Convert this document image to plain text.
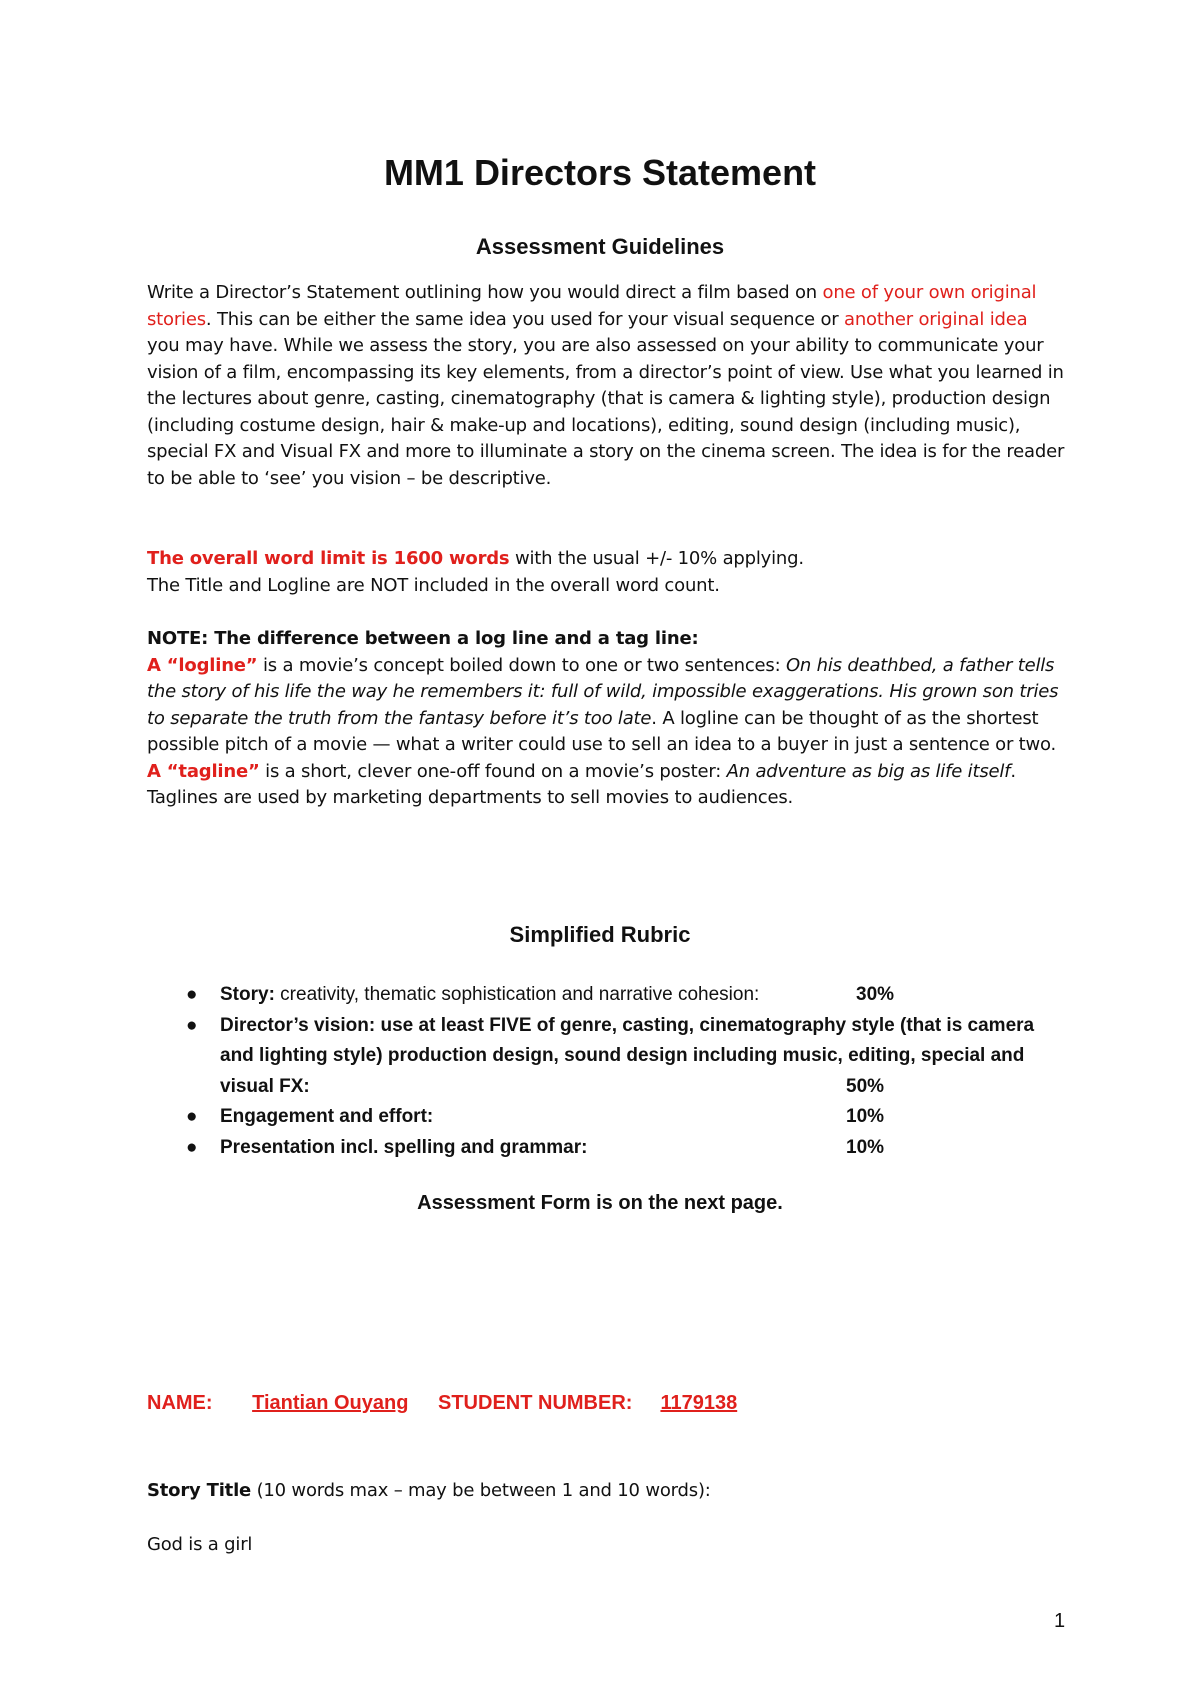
MM1 Directors Statement
Assessment Guidelines

Write a Director’s Statement outlining how you would direct a film based on one of your own original stories. This can be either the same idea you used for your visual sequence or another original idea you may have. While we assess the story, you are also assessed on your ability to communicate your vision of a film, encompassing its key elements, from a director’s point of view. Use what you learned in the lectures about genre, casting, cinematography (that is camera & lighting style), production design (including costume design, hair & make-up and locations), editing, sound design (including music), special FX and Visual FX and more to illuminate a story on the cinema screen. The idea is for the reader to be able to ‘see’ you vision – be descriptive.

The overall word limit is 1600 words with the usual +/- 10% applying.
The Title and Logline are NOT included in the overall word count.

NOTE: The difference between a log line and a tag line:
A “logline” is a movie’s concept boiled down to one or two sentences: On his deathbed, a father tells the story of his life the way he remembers it: full of wild, impossible exaggerations. His grown son tries to separate the truth from the fantasy before it’s too late. A logline can be thought of as the shortest possible pitch of a movie — what a writer could use to sell an idea to a buyer in just a sentence or two.
A “tagline” is a short, clever one-off found on a movie’s poster: An adventure as big as life itself. Taglines are used by marketing departments to sell movies to audiences.

Simplified Rubric
● Story: creativity, thematic sophistication and narrative cohesion:	30%
● Director’s vision: use at least FIVE of genre, casting, cinematography style (that is camera and lighting style) production design, sound design including music, editing, special and visual FX:	50%
● Engagement and effort:	10%
● Presentation incl. spelling and grammar:	10%
Assessment Form is on the next page.
NAME: Tiantian Ouyang STUDENT NUMBER: 1179138

Story Title (10 words max – may be between 1 and 10 words):

God is a girl

1
